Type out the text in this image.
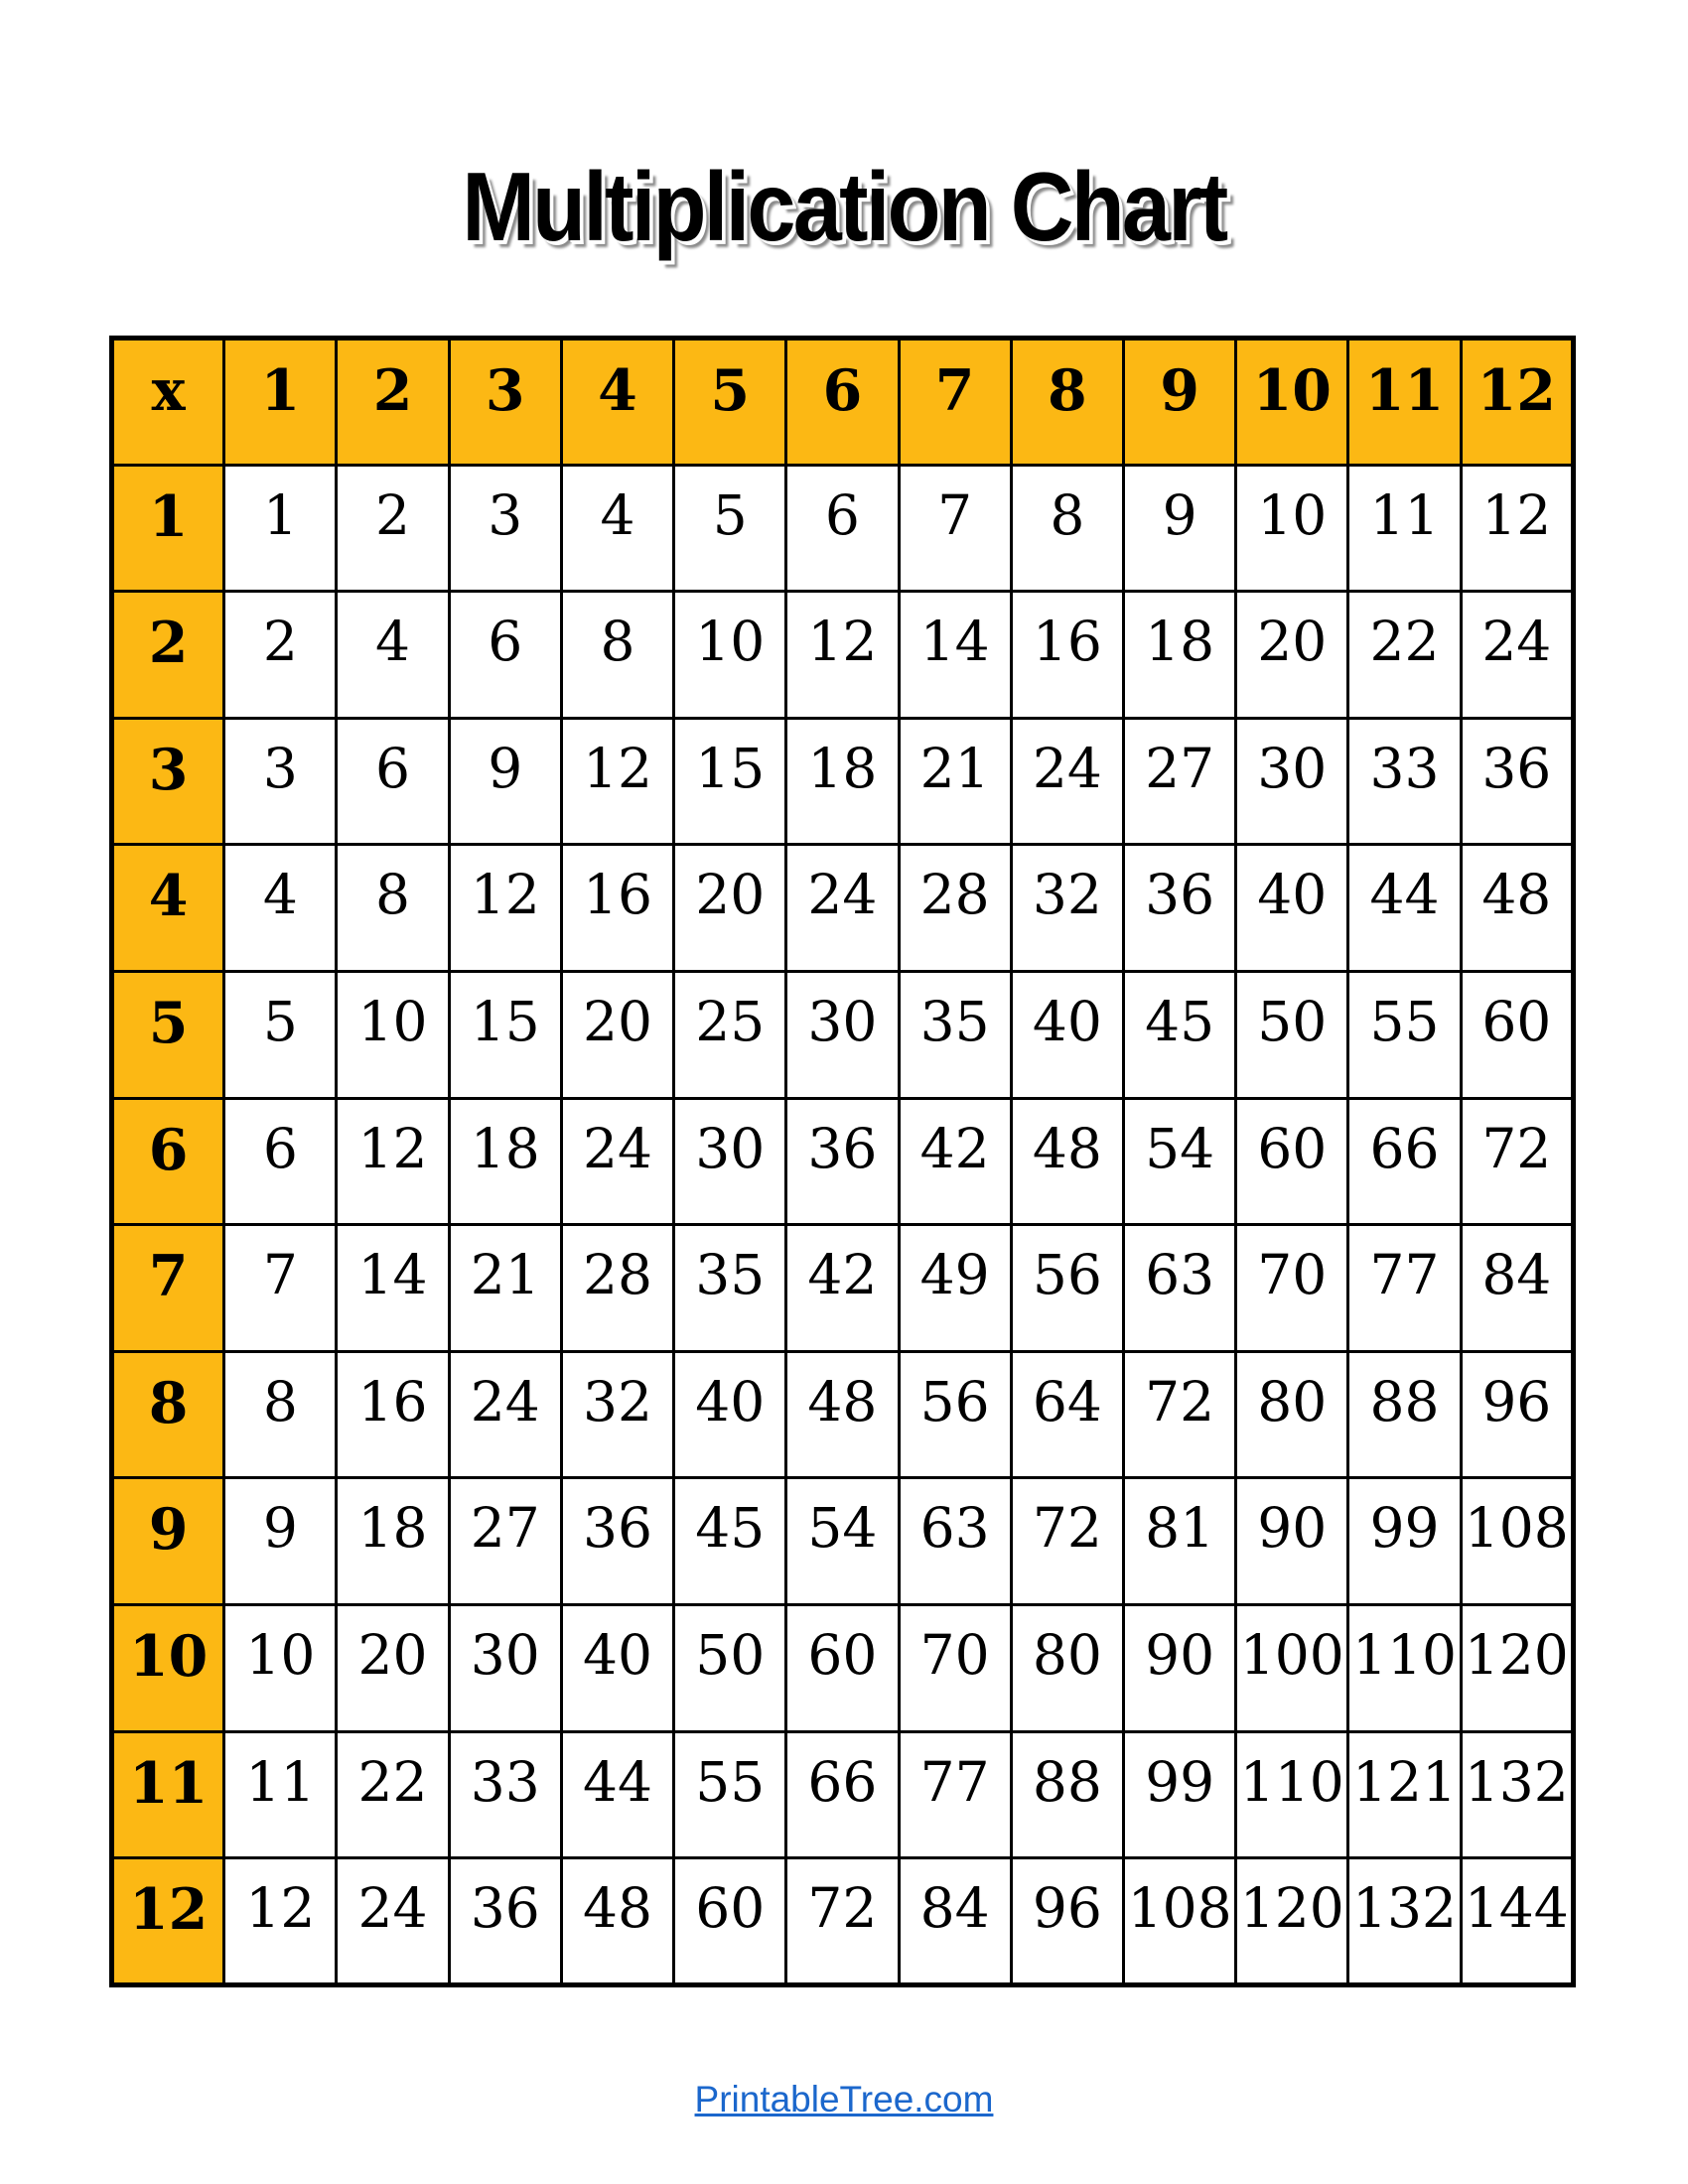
Multiplication Chart
x	1	2	3	4	5	6	7	8	9	10	11	12
1	1	2	3	4	5	6	7	8	9	10	11	12
2	2	4	6	8	10	12	14	16	18	20	22	24
3	3	6	9	12	15	18	21	24	27	30	33	36
4	4	8	12	16	20	24	28	32	36	40	44	48
5	5	10	15	20	25	30	35	40	45	50	55	60
6	6	12	18	24	30	36	42	48	54	60	66	72
7	7	14	21	28	35	42	49	56	63	70	77	84
8	8	16	24	32	40	48	56	64	72	80	88	96
9	9	18	27	36	45	54	63	72	81	90	99	108
10	10	20	30	40	50	60	70	80	90	100	110	120
11	11	22	33	44	55	66	77	88	99	110	121	132
12	12	24	36	48	60	72	84	96	108	120	132	144
PrintableTree.com
